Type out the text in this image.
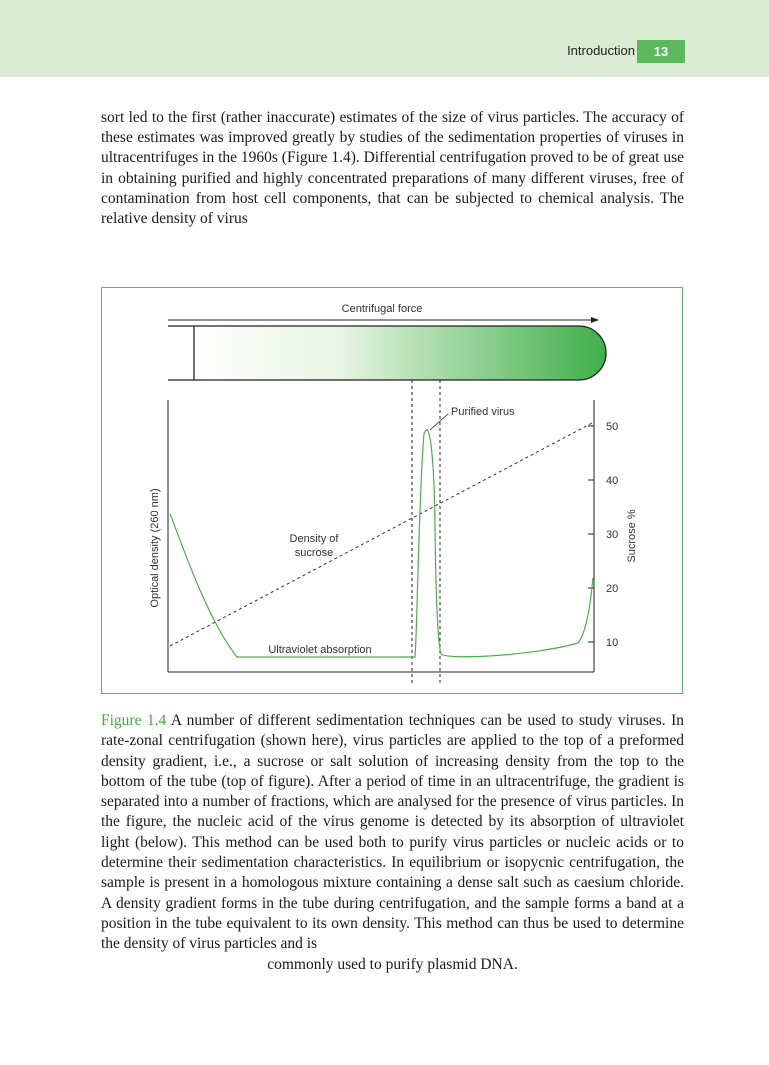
Introduction	13

sort led to the first (rather inaccurate) estimates of the size of virus particles. The accuracy of these estimates was improved greatly by studies of the sedimentation properties of viruses in ultracentrifuges in the 1960s (Figure 1.4). Differential centrifugation proved to be of great use in obtaining purified and highly concentrated preparations of many different viruses, free of contamination from host cell components, that can be subjected to chemical analysis. The relative density of virus

Centrifugal force
50
40
30
20
10
Optical density (260 nm)	Sucrose %
Purified virus
Density of
sucrose
Ultraviolet absorption

Figure 1.4 A number of different sedimentation techniques can be used to study viruses. In rate-zonal centrifugation (shown here), virus particles are applied to the top of a preformed density gradient, i.e., a sucrose or salt solution of increasing density from the top to the bottom of the tube (top of figure). After a period of time in an ultracentrifuge, the gradient is separated into a number of fractions, which are analysed for the presence of virus particles. In the figure, the nucleic acid of the virus genome is detected by its absorption of ultraviolet light (below). This method can be used both to purify virus particles or nucleic acids or to determine their sedimentation characteristics. In equilibrium or isopycnic centrifugation, the sample is present in a homologous mixture containing a dense salt such as caesium chloride. A density gradient forms in the tube during centrifugation, and the sample forms a band at a position in the tube equivalent to its own density. This method can thus be used to determine the density of virus particles and is
commonly used to purify plasmid DNA.
